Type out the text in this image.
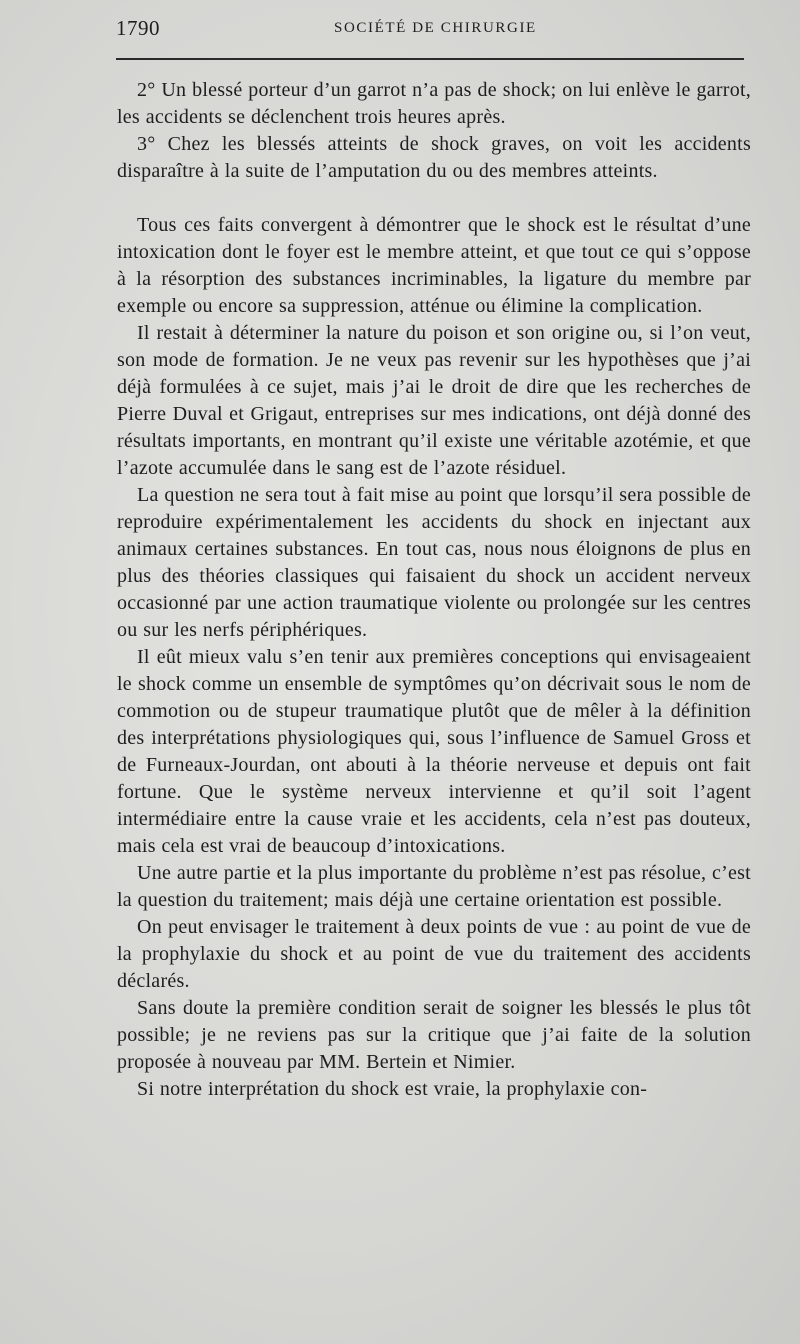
1790	SOCIÉTÉ DE CHIRURGIE

2° Un blessé porteur d’un garrot n’a pas de shock; on lui enlève le garrot, les accidents se déclenchent trois heures après.

3° Chez les blessés atteints de shock graves, on voit les accidents disparaître à la suite de l’amputation du ou des membres atteints.

Tous ces faits convergent à démontrer que le shock est le résultat d’une intoxication dont le foyer est le membre atteint, et que tout ce qui s’oppose à la résorption des substances incriminables, la ligature du membre par exemple ou encore sa suppression, atténue ou élimine la complication.

Il restait à déterminer la nature du poison et son origine ou, si l’on veut, son mode de formation. Je ne veux pas revenir sur les hypothèses que j’ai déjà formulées à ce sujet, mais j’ai le droit de dire que les recherches de Pierre Duval et Grigaut, entreprises sur mes indications, ont déjà donné des résultats importants, en montrant qu’il existe une véritable azotémie, et que l’azote accumulée dans le sang est de l’azote résiduel.

La question ne sera tout à fait mise au point que lorsqu’il sera possible de reproduire expérimentalement les accidents du shock en injectant aux animaux certaines substances. En tout cas, nous nous éloignons de plus en plus des théories classiques qui faisaient du shock un accident nerveux occasionné par une action traumatique violente ou prolongée sur les centres ou sur les nerfs périphériques.

Il eût mieux valu s’en tenir aux premières conceptions qui envisageaient le shock comme un ensemble de symptômes qu’on décrivait sous le nom de commotion ou de stupeur traumatique plutôt que de mêler à la définition des interprétations physiologiques qui, sous l’influence de Samuel Gross et de Furneaux-Jourdan, ont abouti à la théorie nerveuse et depuis ont fait fortune. Que le système nerveux intervienne et qu’il soit l’agent intermédiaire entre la cause vraie et les accidents, cela n’est pas douteux, mais cela est vrai de beaucoup d’intoxications.

Une autre partie et la plus importante du problème n’est pas résolue, c’est la question du traitement; mais déjà une certaine orientation est possible.

On peut envisager le traitement à deux points de vue : au point de vue de la prophylaxie du shock et au point de vue du traitement des accidents déclarés.

Sans doute la première condition serait de soigner les blessés le plus tôt possible; je ne reviens pas sur la critique que j’ai faite de la solution proposée à nouveau par MM. Bertein et Nimier.

Si notre interprétation du shock est vraie, la prophylaxie con-
